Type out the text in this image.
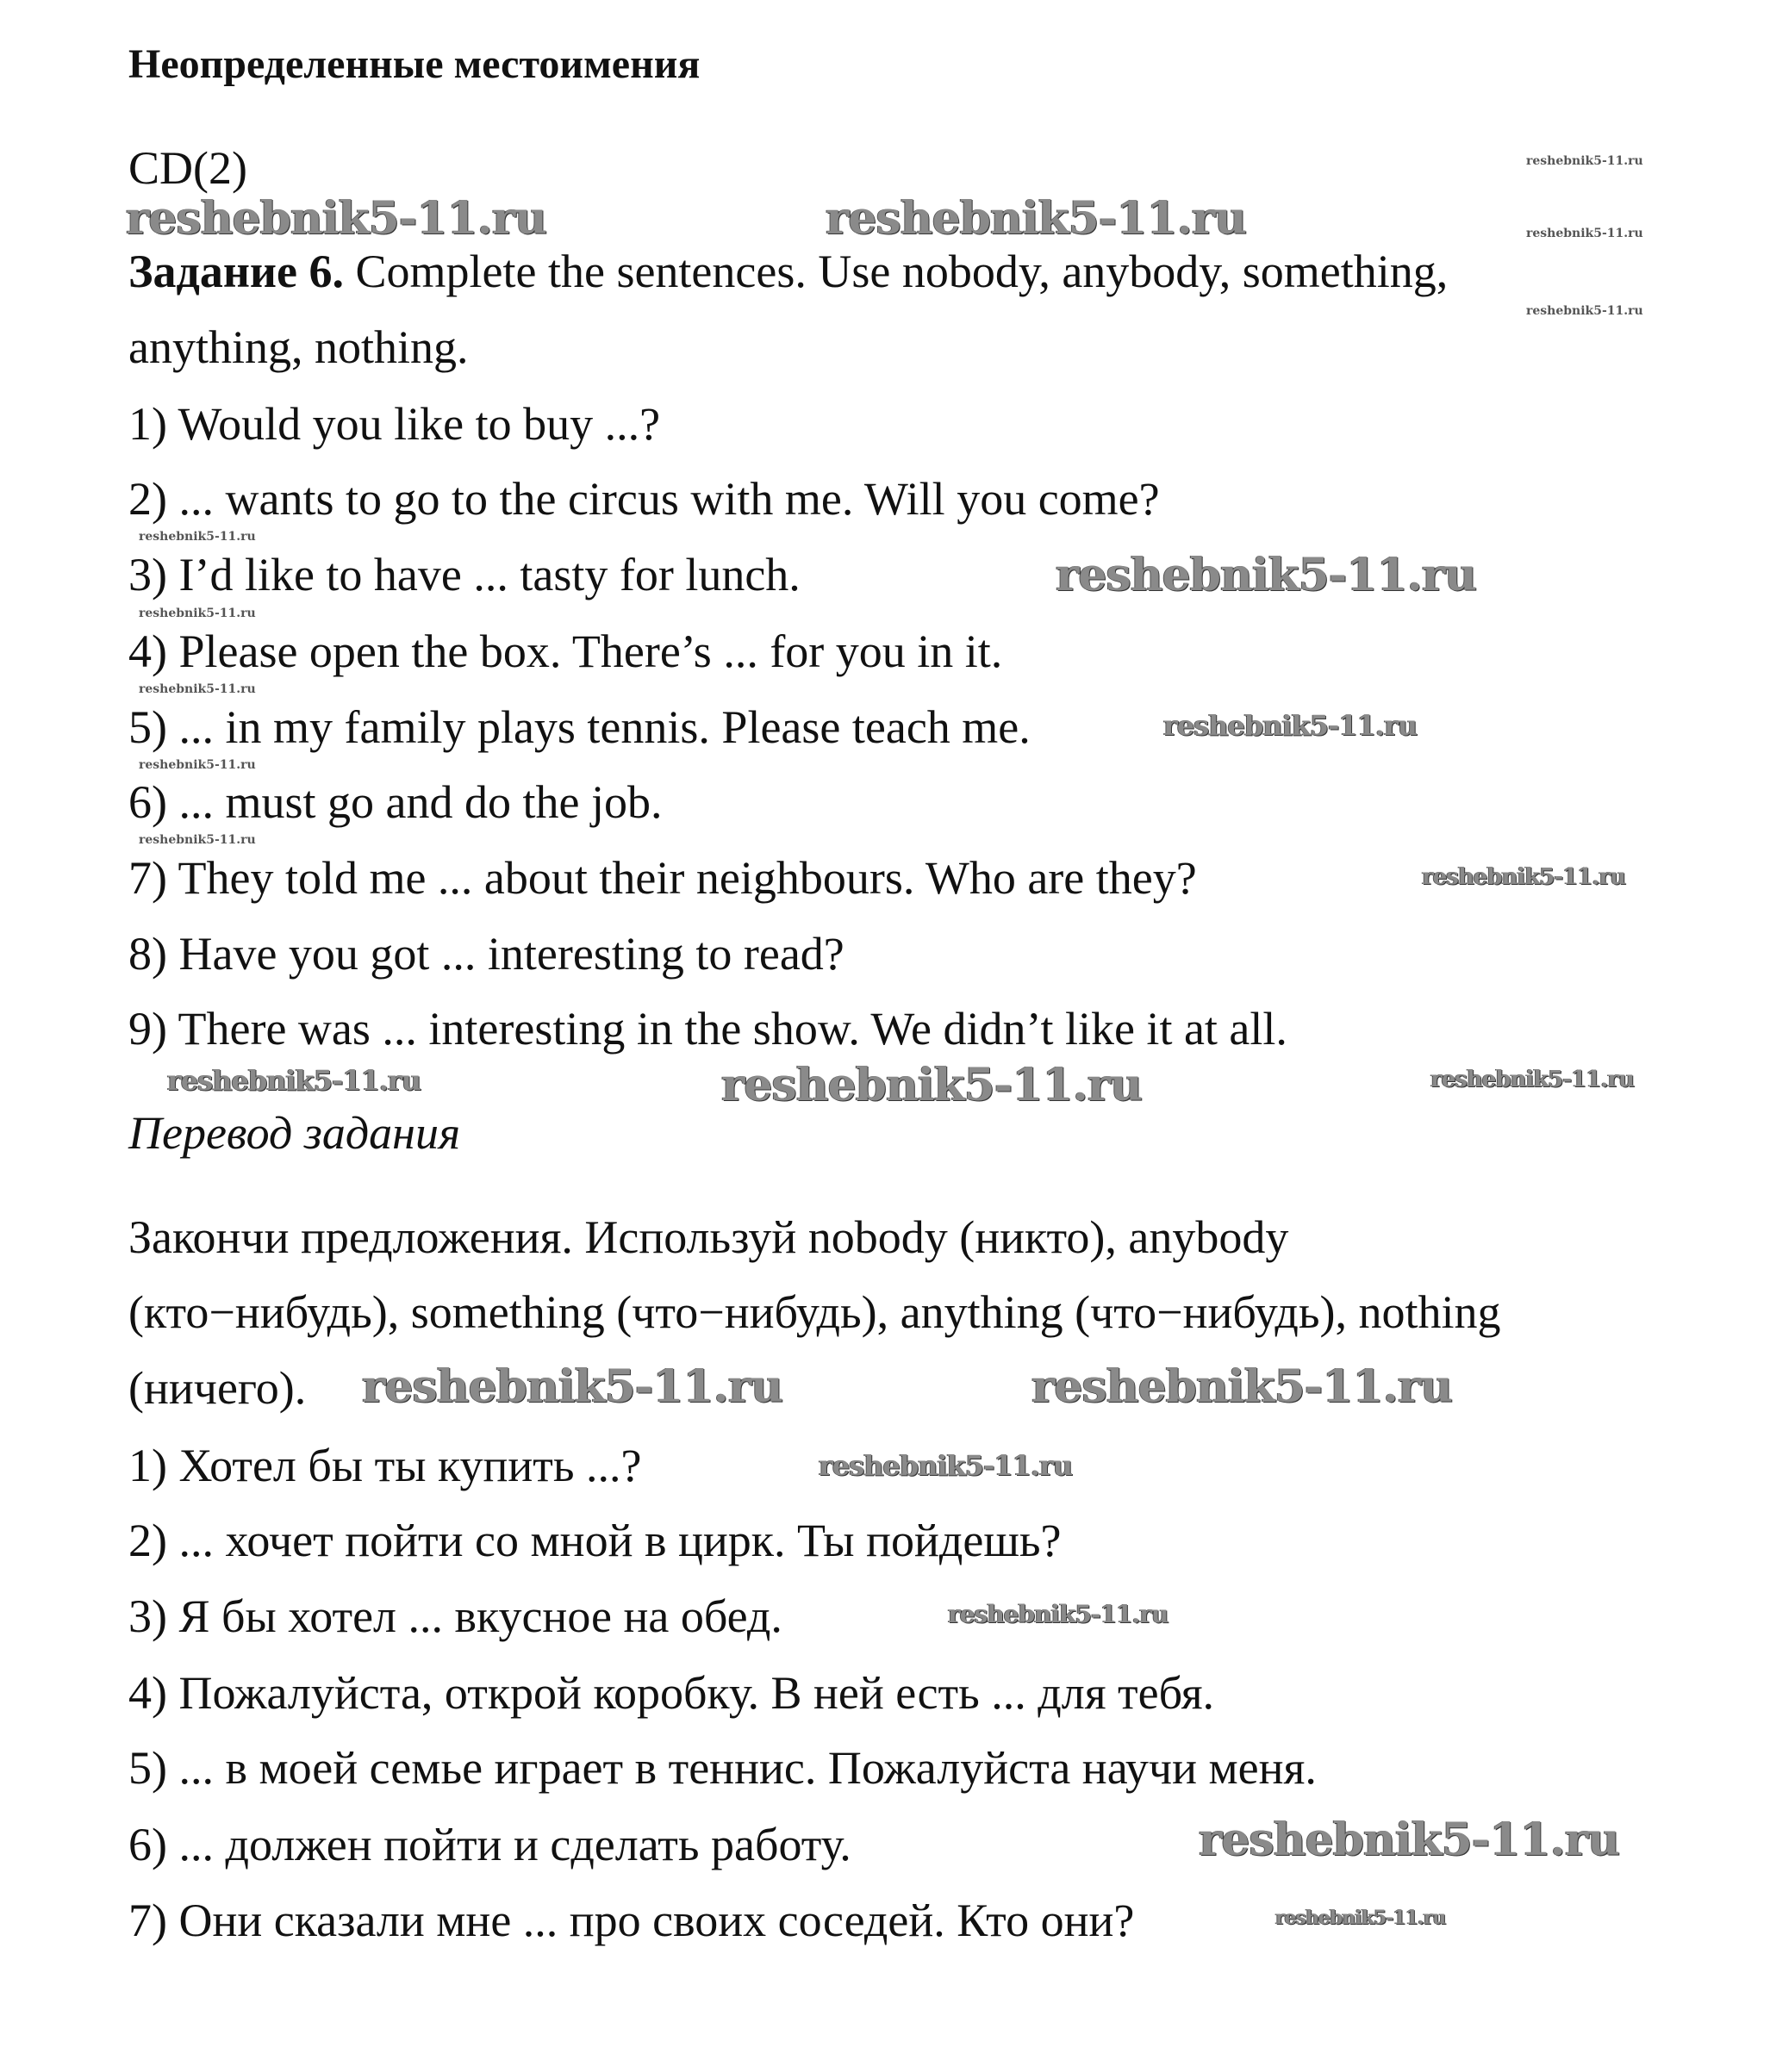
Неопределенные местоимения
CD(2)
Задание 6. Complete the sentences. Use nobody, anybody, something,
anything, nothing.
1) Would you like to buy ...?
2) ... wants to go to the circus with me. Will you come?
3) I’d like to have ... tasty for lunch.
4) Please open the box. There’s ... for you in it.
5) ... in my family plays tennis. Please teach me.
6) ... must go and do the job.
7) They told me ... about their neighbours. Who are they?
8) Have you got ... interesting to read?
9) There was ... interesting in the show. We didn’t like it at all.
Перевод задания
Закончи предложения. Используй nobody (никто), anybody
(кто−нибудь), something (что−нибудь), anything (что−нибудь), nothing
(ничего).
1) Хотел бы ты купить ...?
2) ... хочет пойти со мной в цирк. Ты пойдешь?
3) Я бы хотел ... вкусное на обед.
4) Пожалуйста, открой коробку. В ней есть ... для тебя.
5) ... в моей семье играет в теннис. Пожалуйста научи меня.
6) ... должен пойти и сделать работу.
7) Они сказали мне ... про своих соседей. Кто они?
reshebnik5-11.ru	reshebnik5-11.ru
reshebnik5-11.ru
reshebnik5-11.ru
reshebnik5-11.ru	reshebnik5-11.ru
reshebnik5-11.ru
reshebnik5-11.ru
reshebnik5-11.ru
reshebnik5-11.ru
reshebnik5-11.ru
reshebnik5-11.ru
reshebnik5-11.ru
reshebnik5-11.ru
reshebnik5-11.ru
reshebnik5-11.ru
reshebnik5-11.ru
reshebnik5-11.ru
reshebnik5-11.ru
reshebnik5-11.ru
reshebnik5-11.ru
reshebnik5-11.ru
